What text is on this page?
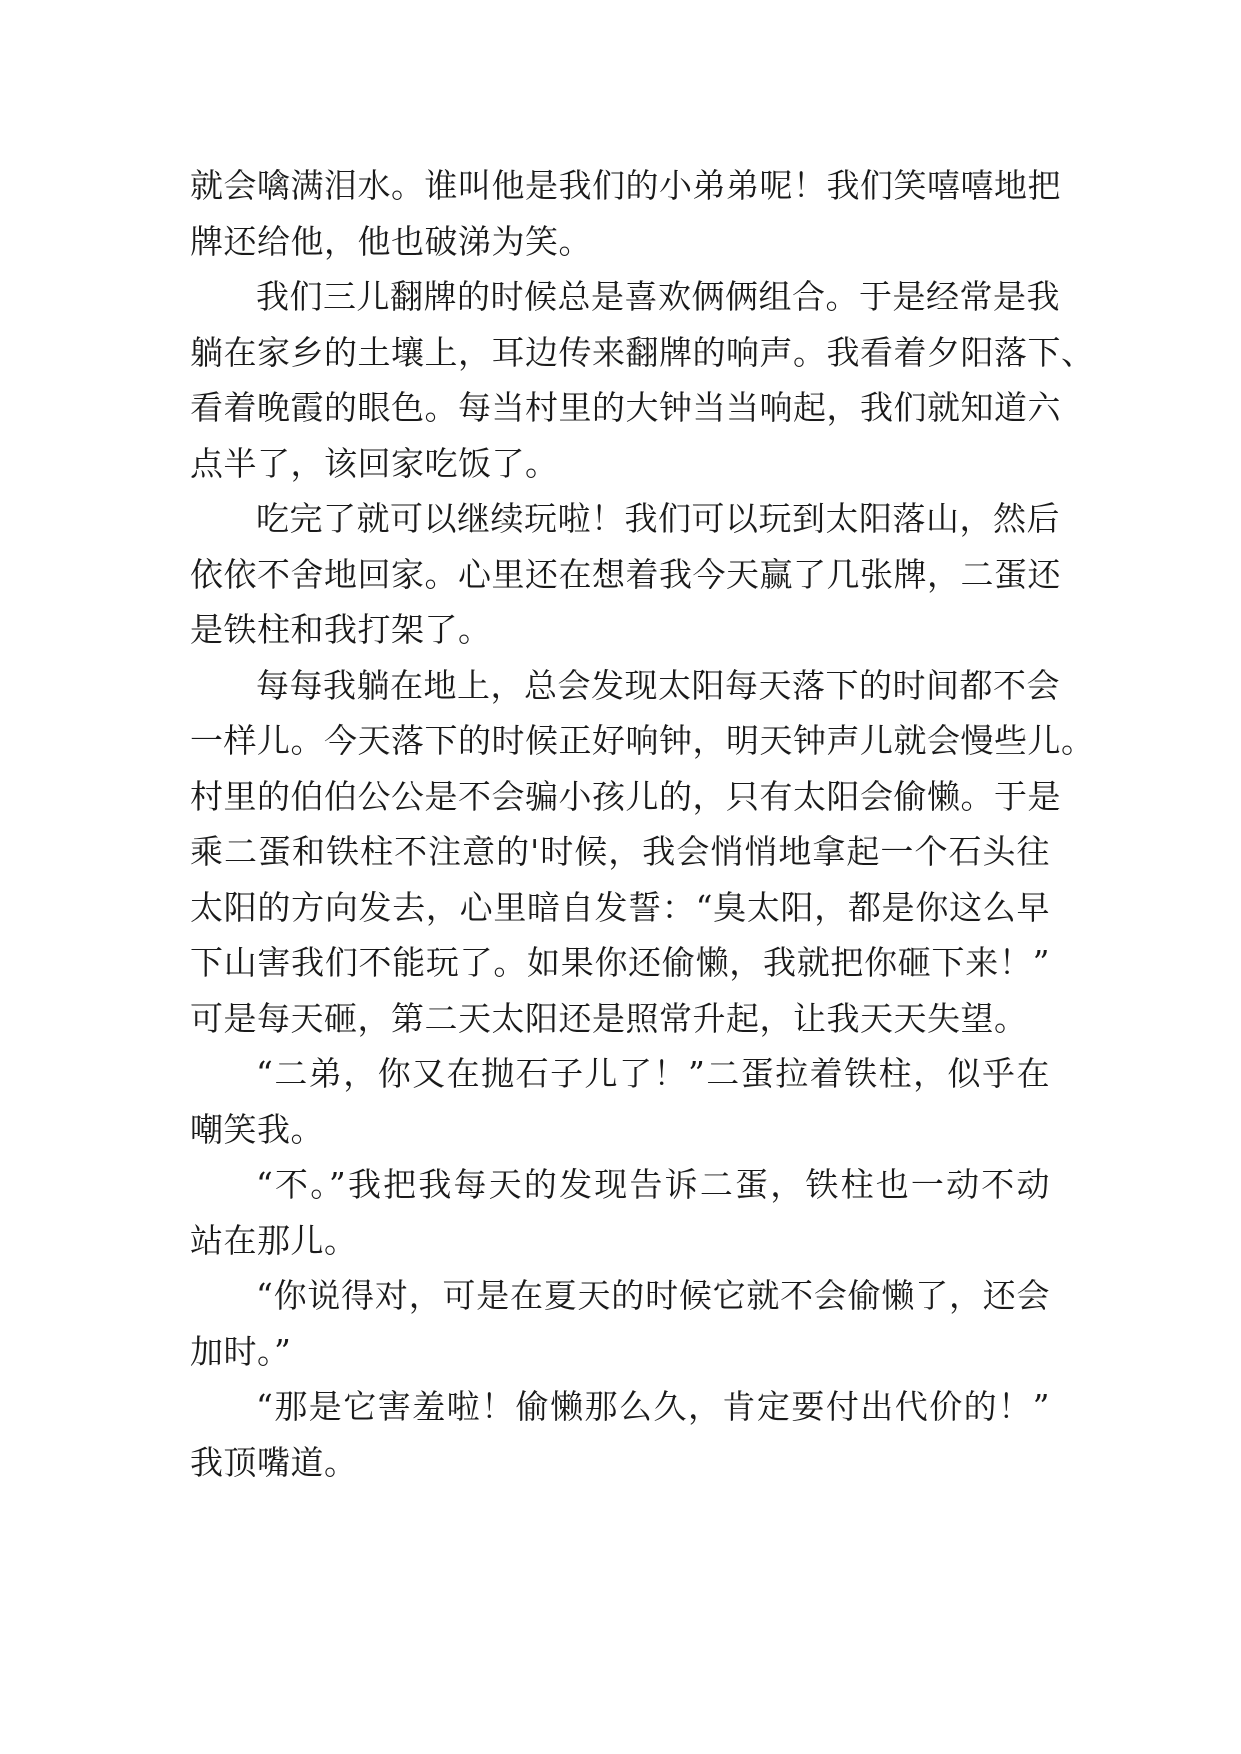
就会噙满泪水。谁叫他是我们的小弟弟呢！我们笑嘻嘻地把
牌还给他，他也破涕为笑。

我们三儿翻牌的时候总是喜欢俩俩组合。于是经常是我
躺在家乡的土壤上，耳边传来翻牌的响声。我看着夕阳落下、
看着晚霞的眼色。每当村里的大钟当当响起，我们就知道六
点半了，该回家吃饭了。

吃完了就可以继续玩啦！我们可以玩到太阳落山，然后
依依不舍地回家。心里还在想着我今天赢了几张牌，二蛋还
是铁柱和我打架了。

每每我躺在地上，总会发现太阳每天落下的时间都不会
一样儿。今天落下的时候正好响钟，明天钟声儿就会慢些儿。
村里的伯伯公公是不会骗小孩儿的，只有太阳会偷懒。于是
乘二蛋和铁柱不注意的'时候，我会悄悄地拿起一个石头往
太阳的方向发去，心里暗自发誓：“臭太阳，都是你这么早
下山害我们不能玩了。如果你还偷懒，我就把你砸下来！”
可是每天砸，第二天太阳还是照常升起，让我天天失望。

“二弟，你又在抛石子儿了！”二蛋拉着铁柱，似乎在
嘲笑我。

“不。”我把我每天的发现告诉二蛋，铁柱也一动不动
站在那儿。

“你说得对，可是在夏天的时候它就不会偷懒了，还会
加时。”

“那是它害羞啦！偷懒那么久，肯定要付出代价的！”
我顶嘴道。
